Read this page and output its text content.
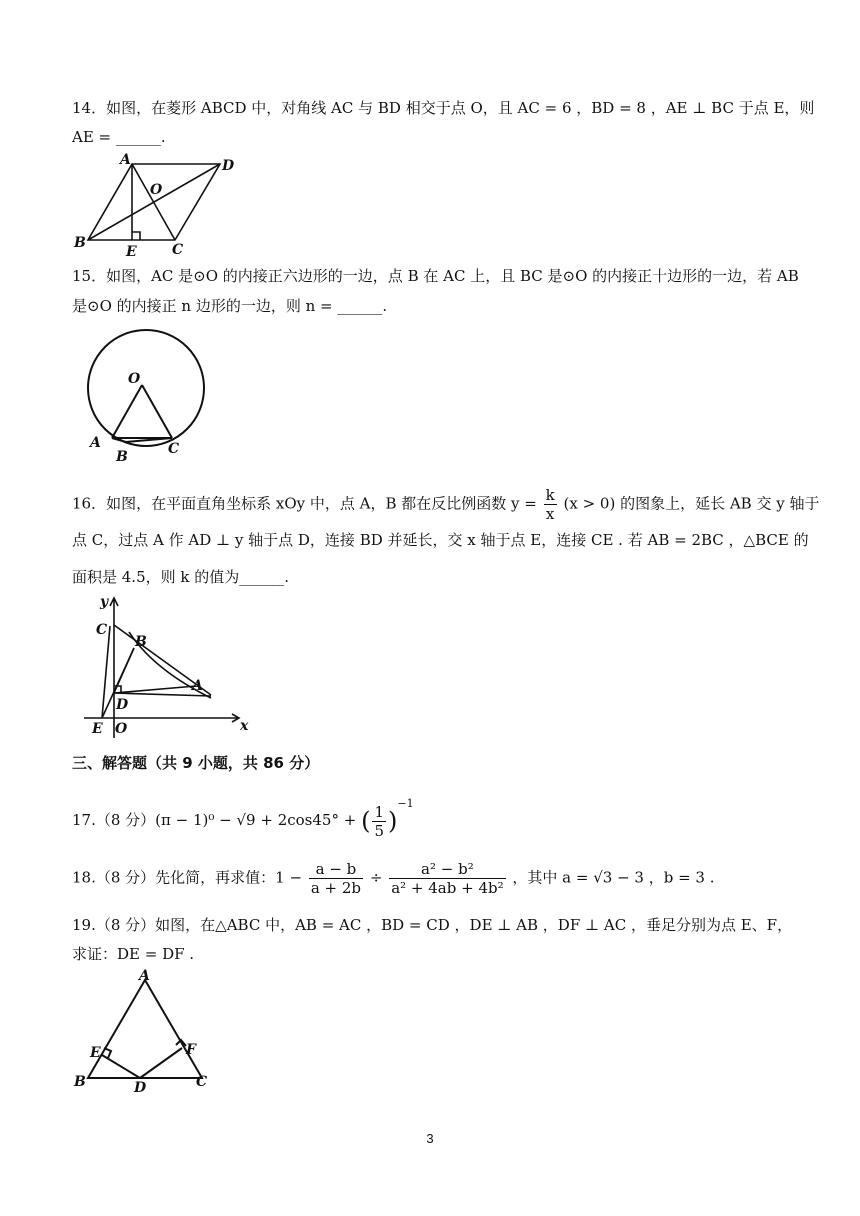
14．如图，在菱形 ABCD 中，对角线 AC 与 BD 相交于点 O，且 AC = 6 ，BD = 8 ，AE ⊥ BC 于点 E，则
AE = ______.
A	D
O
B
E	C
15．如图，AC 是⊙O 的内接正六边形的一边，点 B 在 AC 上，且 BC 是⊙O 的内接正十边形的一边，若 AB
是⊙O 的内接正 n 边形的一边，则 n = ______.
O
A
B	C
16．如图，在平面直角坐标系 xOy 中，点 A，B 都在反比例函数 $y = \frac{k}{x} (x > 0)$ 的图象上，延长 AB 交 y 轴于
点 C，过点 A 作 AD ⊥ y 轴于点 D，连接 BD 并延长，交 x 轴于点 E，连接 CE . 若 AB = 2BC ，△BCE 的
面积是 4.5，则 k 的值为______.
y
x
C
B
A
D
E O
三、解答题（共 9 小题，共 86 分）
17.（8 分）(π − 1)⁰ − √9 + 2cos45° + ( $\frac{1}{5} )^{-1}$
18.（8 分）先化简，再求值：$1 - \frac{a - b}{a + 2b} \div \frac{\text{a² − b²}}{\text{a² + 4ab + 4b²}}$ ，其中 a = √3 − 3 ，b = 3 .
19.（8 分）如图，在△ABC 中，AB = AC ，BD = CD ，DE ⊥ AB ，DF ⊥ AC ，垂足分别为点 E、F，
求证：DE = DF .
A
E	F
B	D	C
3
